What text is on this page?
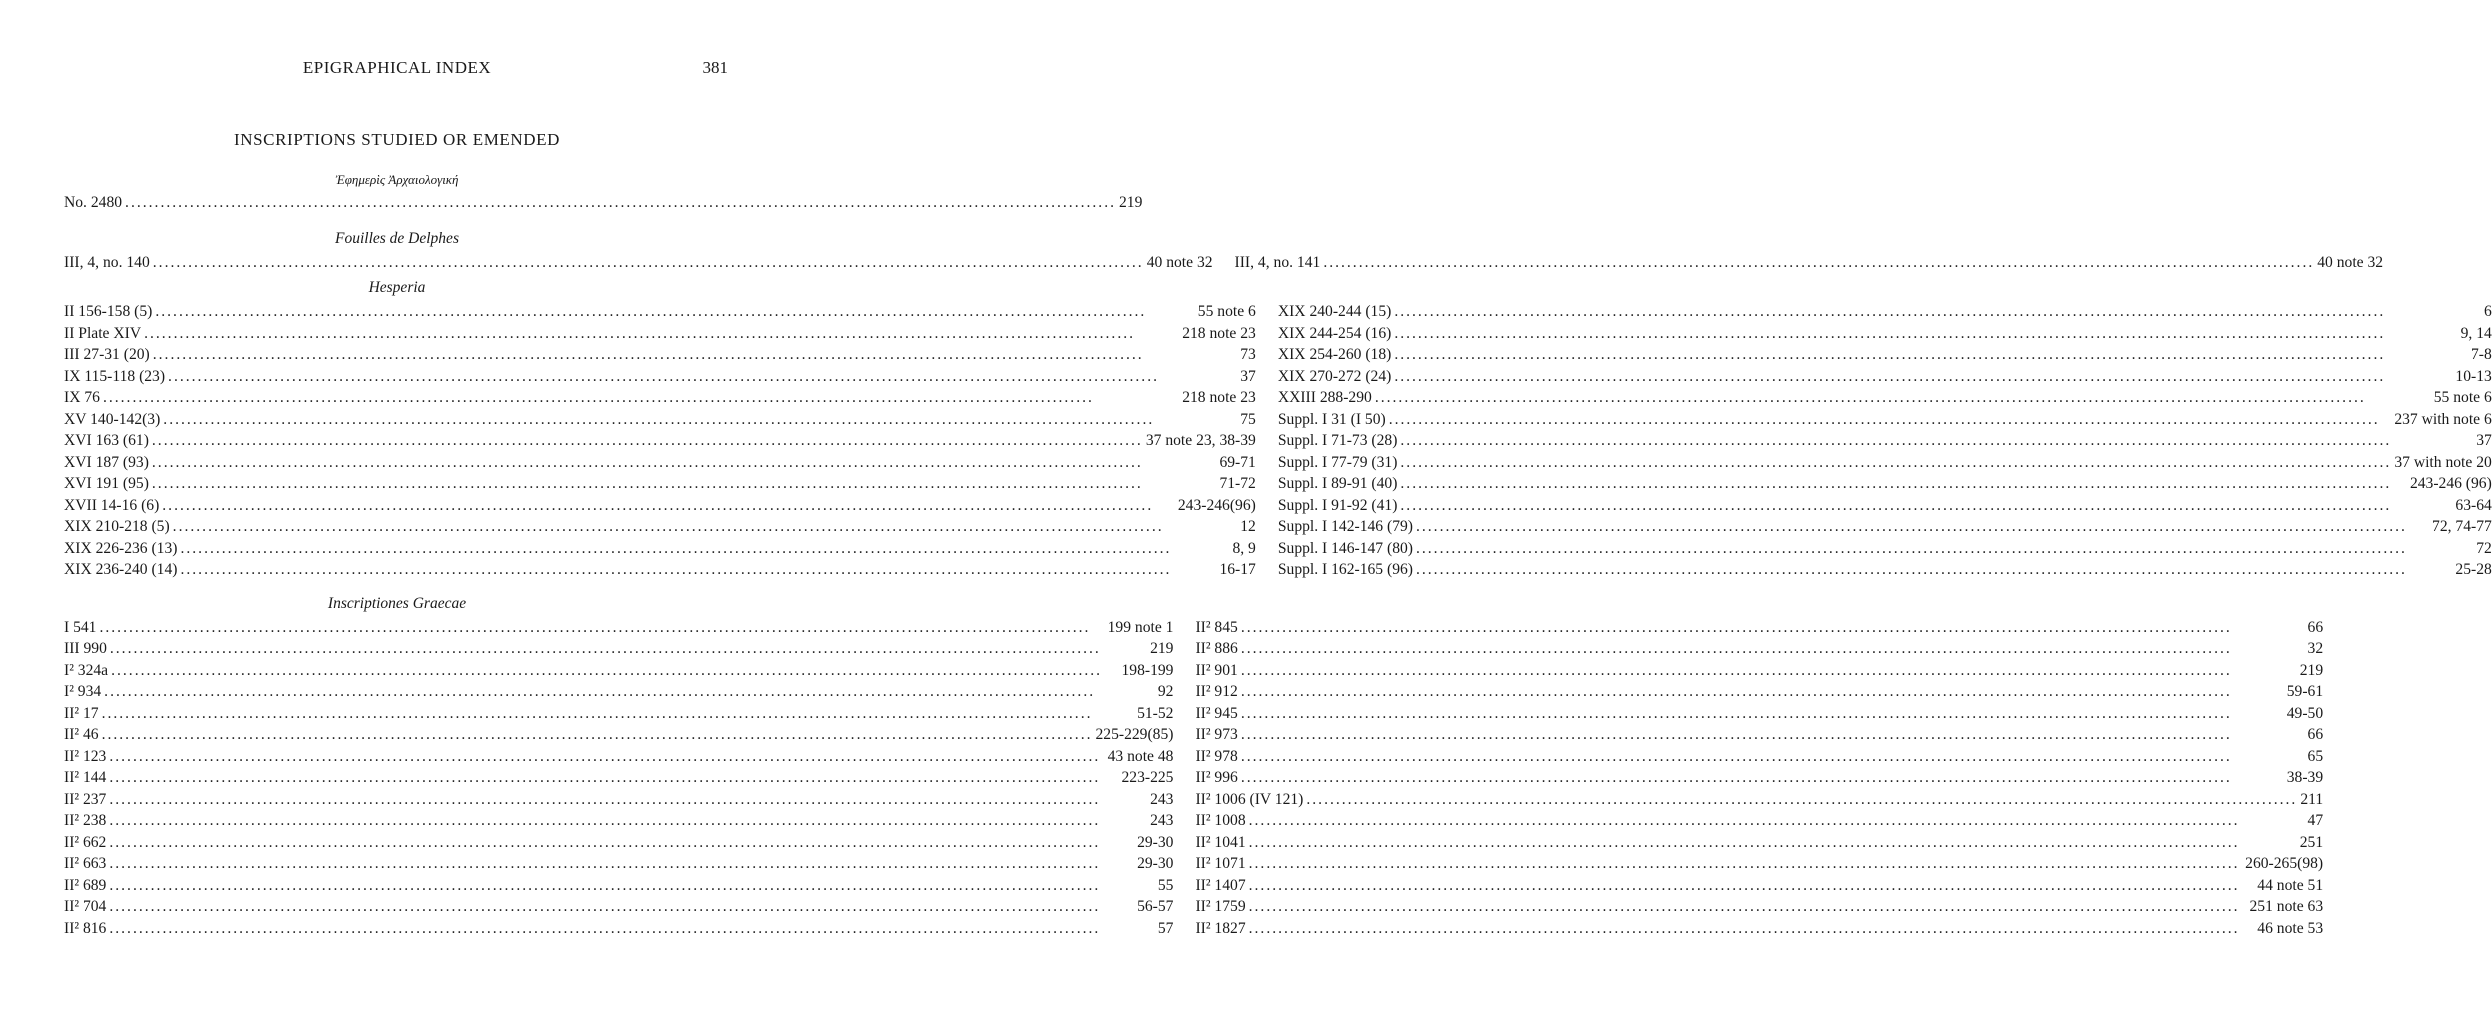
EPIGRAPHICAL INDEX	381
INSCRIPTIONS STUDIED OR EMENDED
Ἐφημερὶς Ἀρχαιολογική
No. 2480 .....	219
Fouilles de Delphes
III, 4, no. 140 .....	40 note 32 III, 4, no. 141 .....	40 note 32
Hesperia
II 156-158 (5) .....	55 note 6
II Plate XIV .....	218 note 23
III 27-31 (20) .....	73
IX 115-118 (23) .....	37
IX 76 .....	218 note 23
XV 140-142(3) .....	75
XVI 163 (61) .....	37 note 23, 38-39
XVI 187 (93) .....	69-71
XVI 191 (95) .....	71-72
XVII 14-16 (6) .....	243-246(96)
XIX 210-218 (5) .....	12
XIX 226-236 (13) .....	8, 9
XIX 236-240 (14) .....	16-17
XIX 240-244 (15) .....	6
XIX 244-254 (16) .....	9, 14
XIX 254-260 (18) .....	7-8
XIX 270-272 (24) .....	10-13
XXIII 288-290 .....	55 note 6
Suppl. I 31 (I 50) .....	237 with note 6
Suppl. I 71-73 (28) .....	37
Suppl. I 77-79 (31) .....	37 with note 20
Suppl. I 89-91 (40) .....	243-246 (96)
Suppl. I 91-92 (41) .....	63-64
Suppl. I 142-146 (79) .....	72, 74-77
Suppl. I 146-147 (80) .....	72
Suppl. I 162-165 (96) .....	25-28
Inscriptiones Graecae
I 541 .....	199 note 1
III 990 .....	219
I² 324a .....	198-199
I² 934 .....	92
II² 17 .....	51-52
II² 46 .....	225-229(85)
II² 123 .....	43 note 48
II² 144 .....	223-225
II² 237 .....	243
II² 238 .....	243
II² 662 .....	29-30
II² 663 .....	29-30
II² 689 .....	55
II² 704 .....	56-57
II² 816 .....	57
II² 845 .....	66
II² 886 .....	32
II² 901 .....	219
II² 912 .....	59-61
II² 945 .....	49-50
II² 973 .....	66
II² 978 .....	65
II² 996 .....	38-39
II² 1006 (IV 121) .....	211
II² 1008 .....	47
II² 1041 .....	251
II² 1071 .....	260-265(98)
II² 1407 .....	44 note 51
II² 1759 .....	251 note 63
II² 1827 .....	46 note 53
